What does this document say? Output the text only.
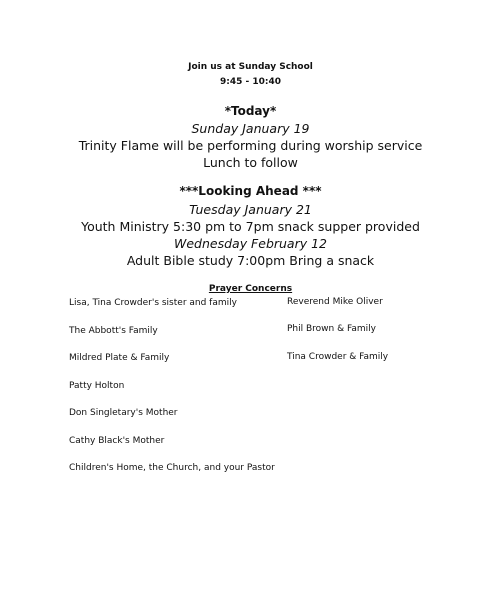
Join us at Sunday School
9:45 - 10:40
*Today*
Sunday January 19
Trinity Flame will be performing during worship service
Lunch to follow
***Looking Ahead ***
Tuesday January 21
Youth Ministry 5:30 pm to 7pm snack supper provided
Wednesday February 12
Adult Bible study 7:00pm Bring a snack
Prayer Concerns
Lisa, Tina Crowder's sister and family
The Abbott's Family
Mildred Plate & Family
Patty Holton
Don Singletary's Mother
Cathy Black's Mother
Children's Home, the Church, and your Pastor
Reverend Mike Oliver
Phil Brown & Family
Tina Crowder & Family
